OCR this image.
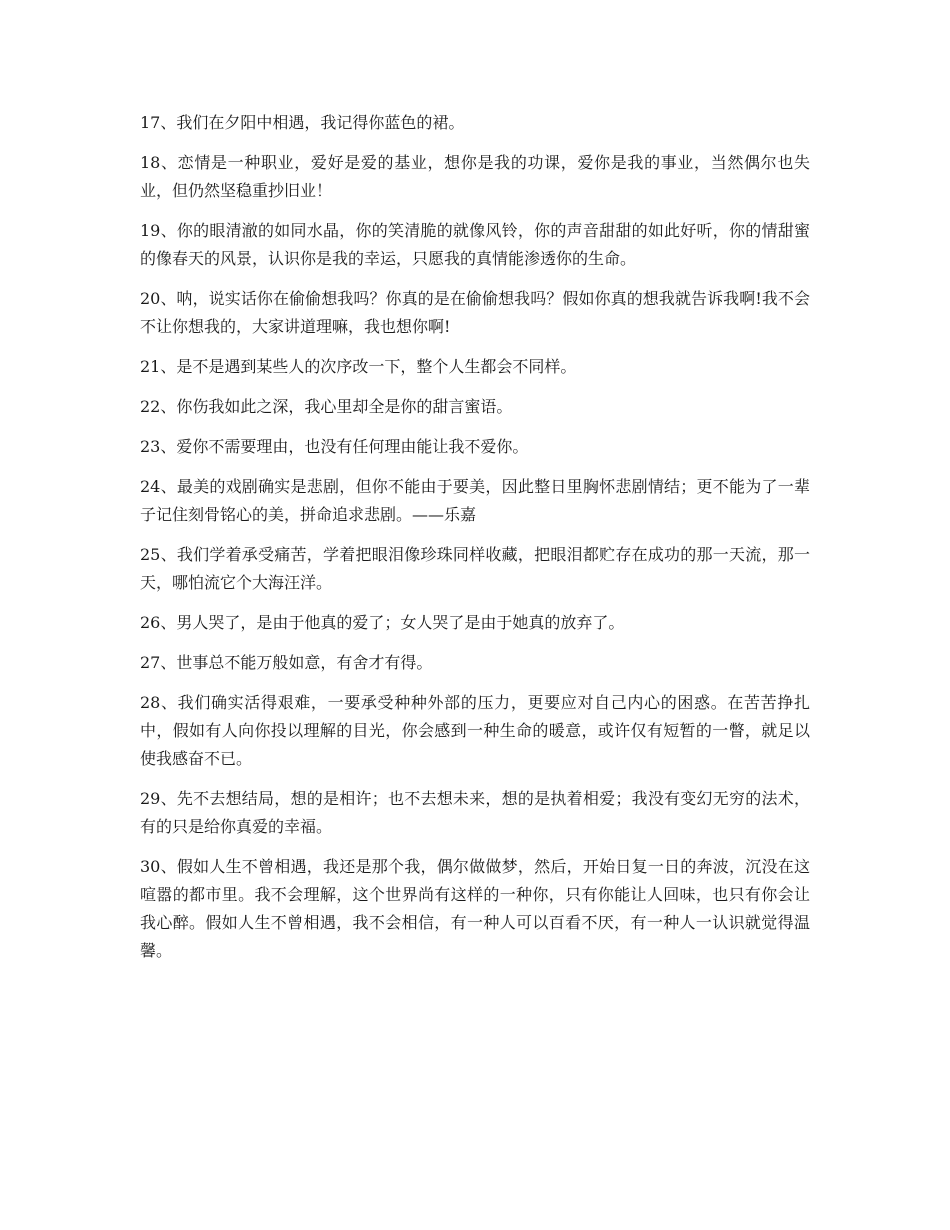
17、我们在夕阳中相遇，我记得你蓝色的裙。

18、恋情是一种职业，爱好是爱的基业，想你是我的功课，爱你是我的事业，当然偶尔也失业，但仍然坚稳重抄旧业！

19、你的眼清澈的如同水晶，你的笑清脆的就像风铃，你的声音甜甜的如此好听，你的情甜蜜的像春天的风景，认识你是我的幸运，只愿我的真情能渗透你的生命。

20、呐，说实话你在偷偷想我吗？你真的是在偷偷想我吗？假如你真的想我就告诉我啊!我不会不让你想我的，大家讲道理嘛，我也想你啊!

21、是不是遇到某些人的次序改一下，整个人生都会不同样。

22、你伤我如此之深，我心里却全是你的甜言蜜语。

23、爱你不需要理由，也没有任何理由能让我不爱你。

24、最美的戏剧确实是悲剧，但你不能由于要美，因此整日里胸怀悲剧情结；更不能为了一辈子记住刻骨铭心的美，拼命追求悲剧。——乐嘉

25、我们学着承受痛苦，学着把眼泪像珍珠同样收藏，把眼泪都贮存在成功的那一天流，那一天，哪怕流它个大海汪洋。

26、男人哭了，是由于他真的爱了；女人哭了是由于她真的放弃了。

27、世事总不能万般如意，有舍才有得。

28、我们确实活得艰难，一要承受种种外部的压力，更要应对自己内心的困惑。在苦苦挣扎中，假如有人向你投以理解的目光，你会感到一种生命的暖意，或许仅有短暂的一瞥，就足以使我感奋不已。

29、先不去想结局，想的是相许；也不去想未来，想的是执着相爱；我没有变幻无穷的法术，有的只是给你真爱的幸福。

30、假如人生不曾相遇，我还是那个我，偶尔做做梦，然后，开始日复一日的奔波，沉没在这喧嚣的都市里。我不会理解，这个世界尚有这样的一种你，只有你能让人回味，也只有你会让我心醉。假如人生不曾相遇，我不会相信，有一种人可以百看不厌，有一种人一认识就觉得温馨。
